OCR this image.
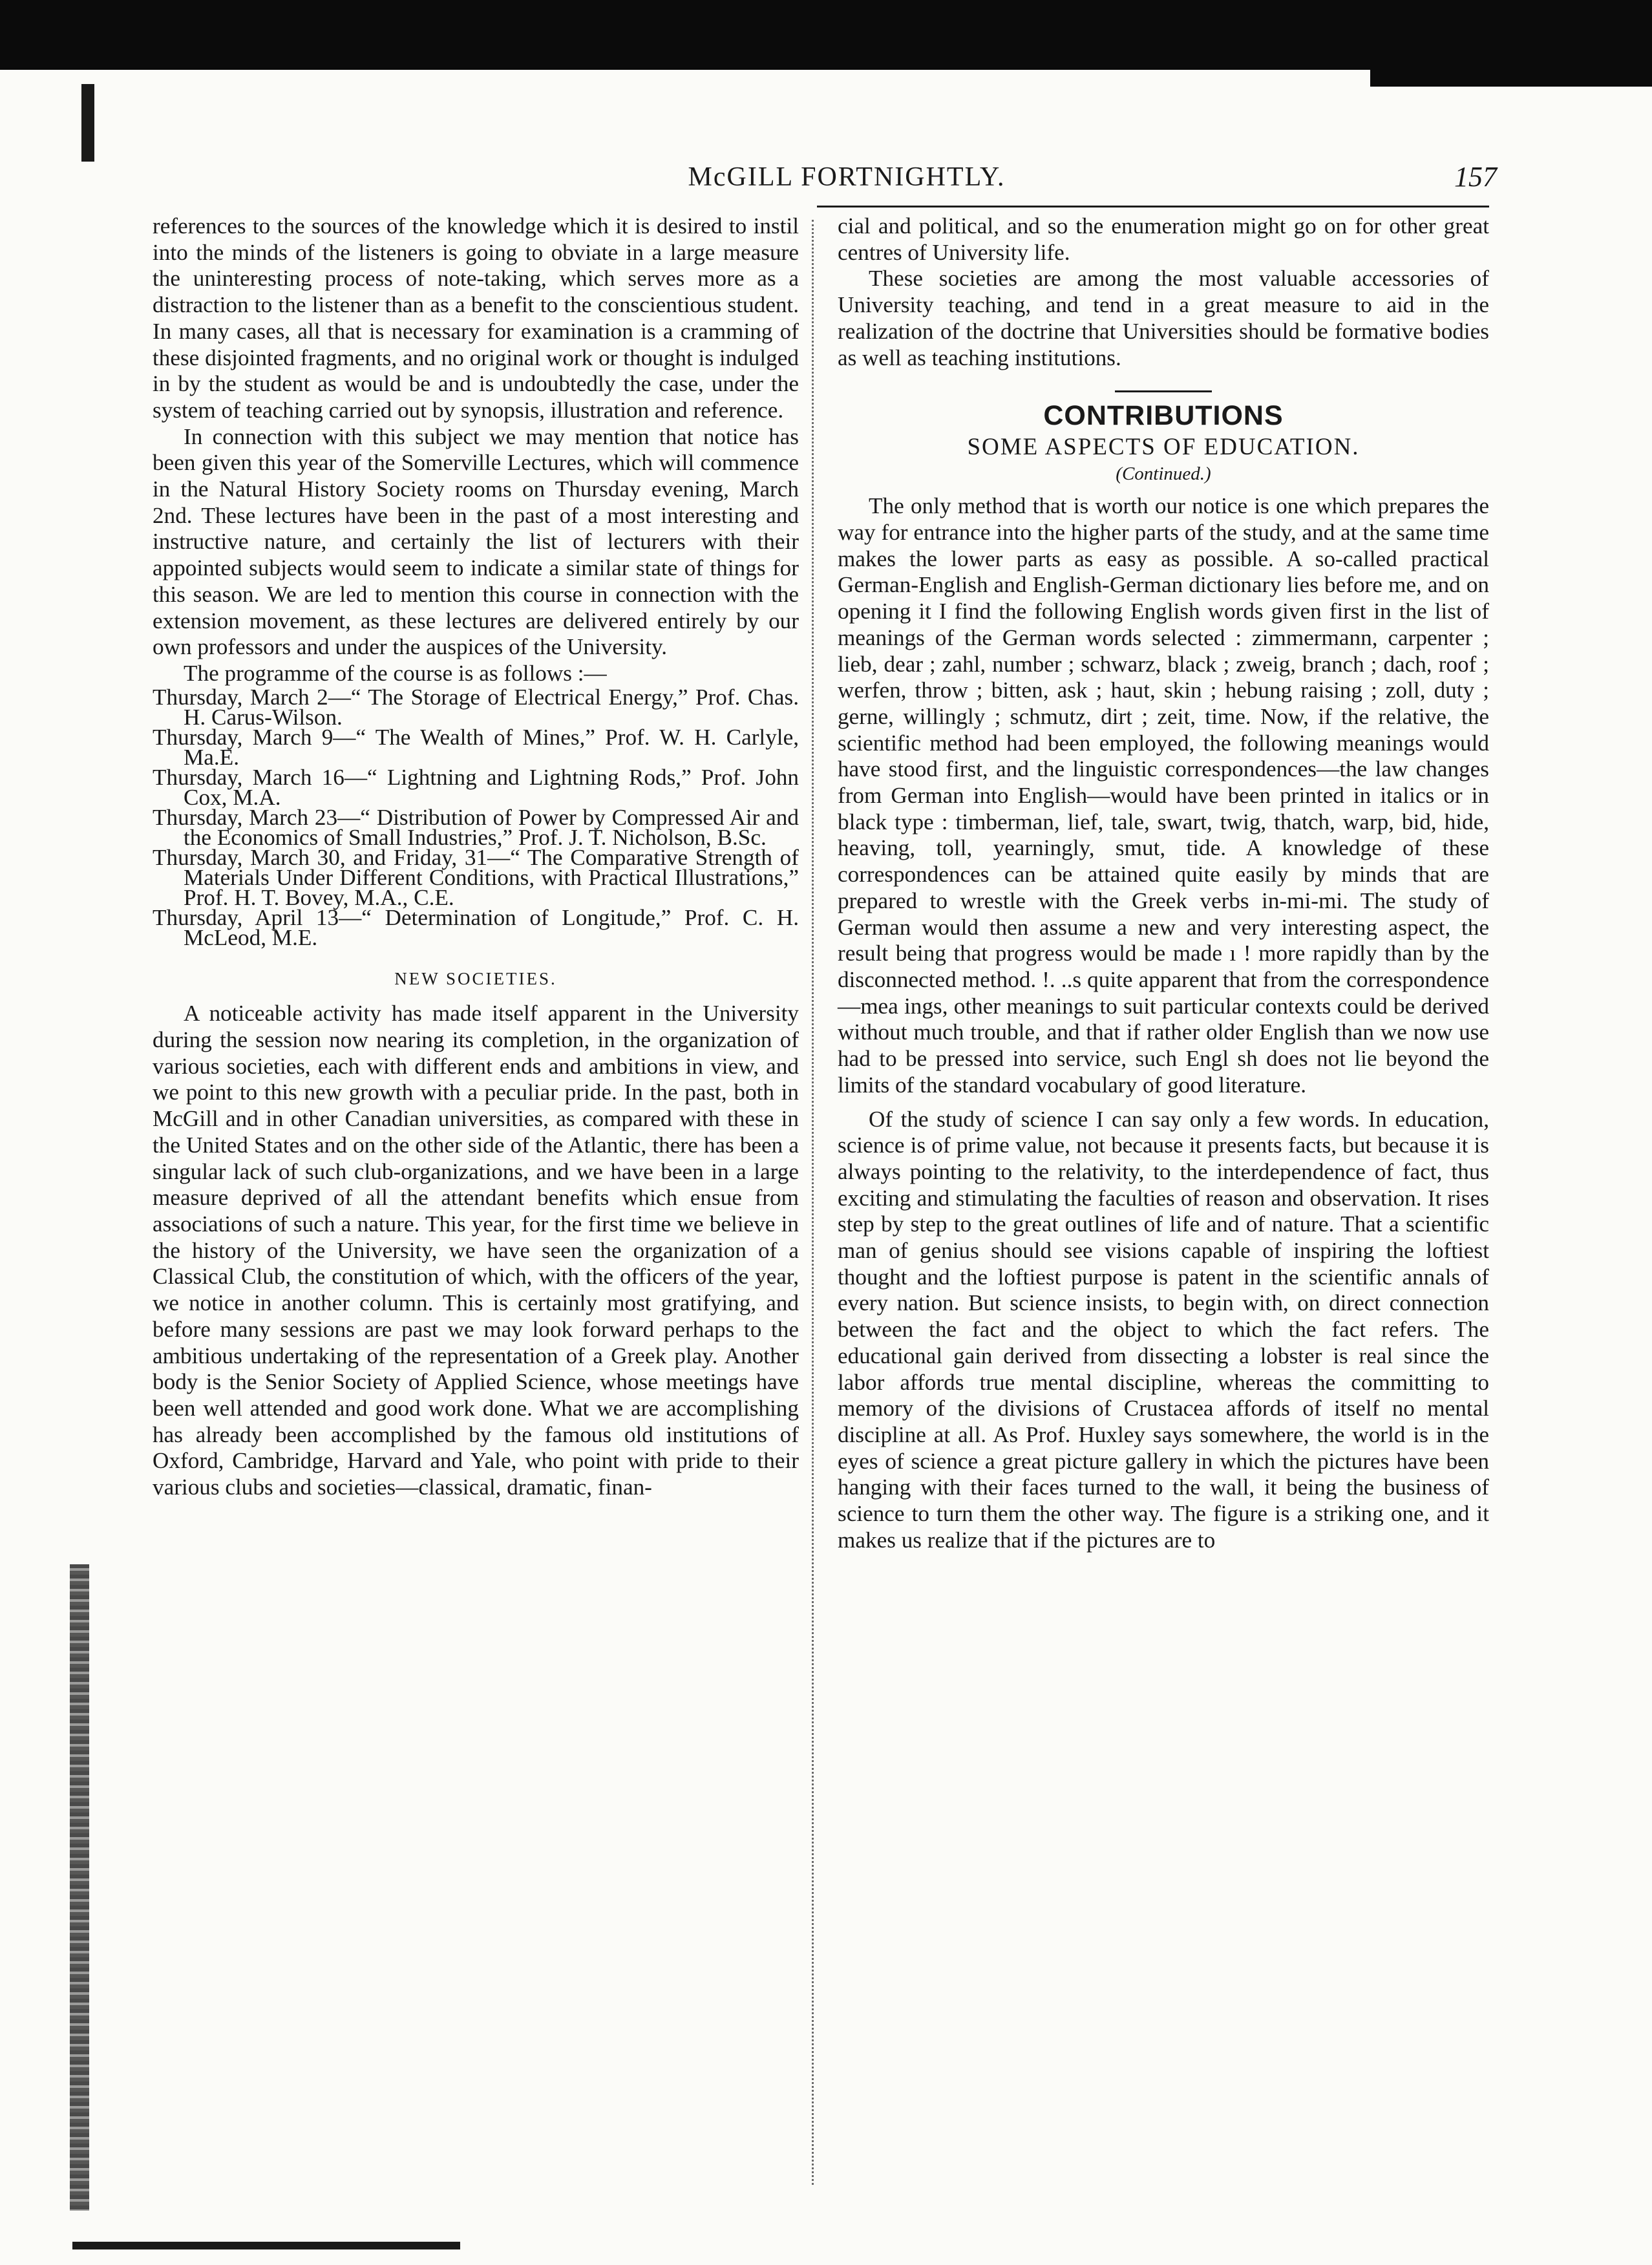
McGILL FORTNIGHTLY.	157

references to the sources of the knowledge which it is desired to instil into the minds of the listeners is going to obviate in a large measure the uninteresting process of note-taking, which serves more as a distraction to the listener than as a benefit to the conscientious student. In many cases, all that is necessary for examination is a cramming of these disjointed fragments, and no original work or thought is indulged in by the student as would be and is undoubtedly the case, under the system of teaching carried out by synopsis, illustration and reference.

In connection with this subject we may mention that notice has been given this year of the Somerville Lectures, which will commence in the Natural History Society rooms on Thursday evening, March 2nd. These lectures have been in the past of a most interesting and instructive nature, and certainly the list of lecturers with their appointed subjects would seem to indicate a similar state of things for this season. We are led to mention this course in connection with the extension movement, as these lectures are delivered entirely by our own professors and under the auspices of the University.

The programme of the course is as follows :—

Thursday, March 2—“ The Storage of Electrical Energy,” Prof. Chas. H. Carus-Wilson.

Thursday, March 9—“ The Wealth of Mines,” Prof. W. H. Carlyle, Ma.E.

Thursday, March 16—“ Lightning and Lightning Rods,” Prof. John Cox, M.A.

Thursday, March 23—“ Distribution of Power by Compressed Air and the Economics of Small Industries,” Prof. J. T. Nicholson, B.Sc.

Thursday, March 30, and Friday, 31—“ The Comparative Strength of Materials Under Different Conditions, with Practical Illustrations,” Prof. H. T. Bovey, M.A., C.E.

Thursday, April 13—“ Determination of Longitude,” Prof. C. H. McLeod, M.E.

NEW SOCIETIES.

A noticeable activity has made itself apparent in the University during the session now nearing its completion, in the organization of various societies, each with different ends and ambitions in view, and we point to this new growth with a peculiar pride. In the past, both in McGill and in other Canadian universities, as compared with these in the United States and on the other side of the Atlantic, there has been a singular lack of such club-organizations, and we have been in a large measure deprived of all the attendant benefits which ensue from associations of such a nature. This year, for the first time we believe in the history of the University, we have seen the organization of a Classical Club, the constitution of which, with the officers of the year, we notice in another column. This is certainly most gratifying, and before many sessions are past we may look forward perhaps to the ambitious undertaking of the representation of a Greek play. Another body is the Senior Society of Applied Science, whose meetings have been well attended and good work done. What we are accomplishing has already been accomplished by the famous old institutions of Oxford, Cambridge, Harvard and Yale, who point with pride to their various clubs and societies—classical, dramatic, finan-

cial and political, and so the enumeration might go on for other great centres of University life.

These societies are among the most valuable accessories of University teaching, and tend in a great measure to aid in the realization of the doctrine that Universities should be formative bodies as well as teaching institutions.

CONTRIBUTIONS
SOME ASPECTS OF EDUCATION.
(Continued.)

The only method that is worth our notice is one which prepares the way for entrance into the higher parts of the study, and at the same time makes the lower parts as easy as possible. A so-called practical German-English and English-German dictionary lies before me, and on opening it I find the following English words given first in the list of meanings of the German words selected : zimmermann, carpenter ; lieb, dear ; zahl, number ; schwarz, black ; zweig, branch ; dach, roof ; werfen, throw ; bitten, ask ; haut, skin ; hebung raising ; zoll, duty ; gerne, willingly ; schmutz, dirt ; zeit, time. Now, if the relative, the scientific method had been employed, the following meanings would have stood first, and the linguistic correspondences—the law changes from German into English—would have been printed in italics or in black type : timberman, lief, tale, swart, twig, thatch, warp, bid, hide, heaving, toll, yearningly, smut, tide. A knowledge of these correspondences can be attained quite easily by minds that are prepared to wrestle with the Greek verbs in-mi-mi. The study of German would then assume a new and very interesting aspect, the result being that progress would be made ı ! more rapidly than by the disconnected method. !. ..s quite apparent that from the correspondence—mea ings, other meanings to suit particular contexts could be derived without much trouble, and that if rather older English than we now use had to be pressed into service, such Engl sh does not lie beyond the limits of the standard vocabulary of good literature.

Of the study of science I can say only a few words. In education, science is of prime value, not because it presents facts, but because it is always pointing to the relativity, to the interdependence of fact, thus exciting and stimulating the faculties of reason and observation. It rises step by step to the great outlines of life and of nature. That a scientific man of genius should see visions capable of inspiring the loftiest thought and the loftiest purpose is patent in the scientific annals of every nation. But science insists, to begin with, on direct connection between the fact and the object to which the fact refers. The educational gain derived from dissecting a lobster is real since the labor affords true mental discipline, whereas the committing to memory of the divisions of Crustacea affords of itself no mental discipline at all. As Prof. Huxley says somewhere, the world is in the eyes of science a great picture gallery in which the pictures have been hanging with their faces turned to the wall, it being the business of science to turn them the other way. The figure is a striking one, and it makes us realize that if the pictures are to
